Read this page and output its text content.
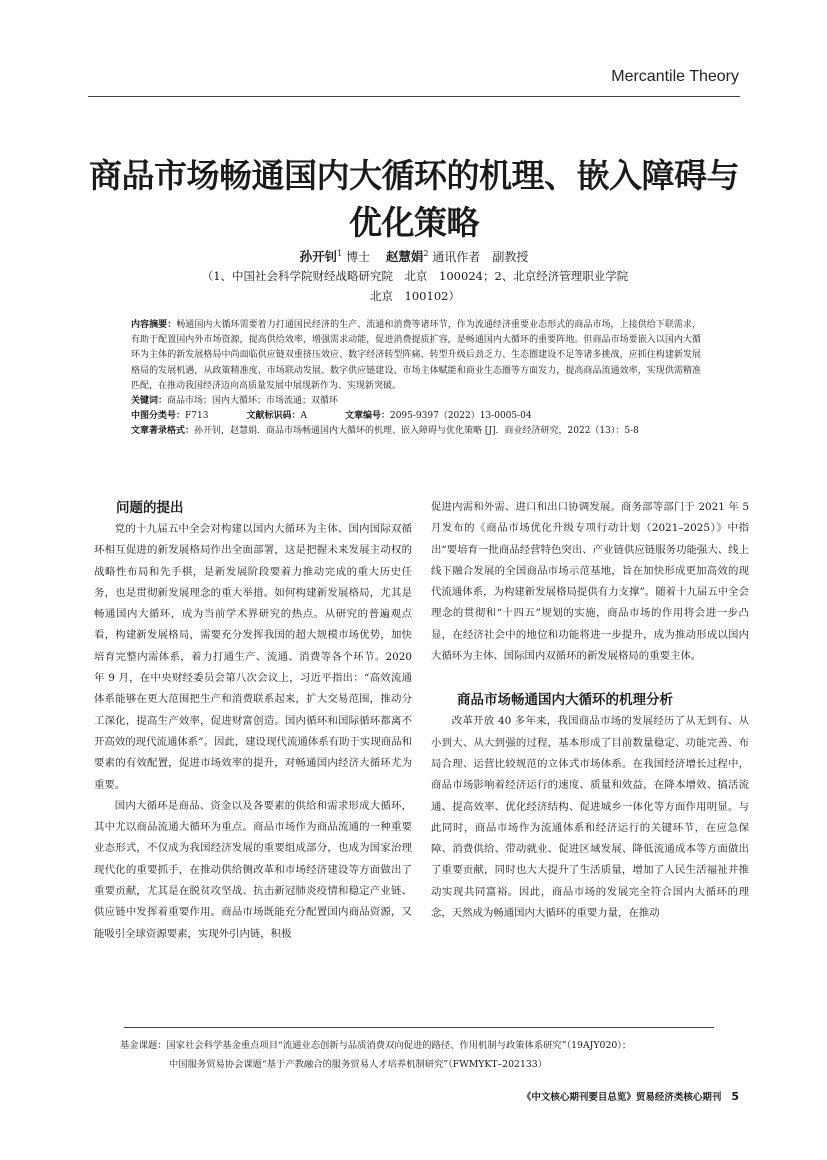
Mercantile Theory
商品市场畅通国内大循环的机理、嵌入障碍与优化策略
孙开钊$^1$ 博士 　 赵慧娟$^2$ 通讯作者　副教授
（1、中国社会科学院财经战略研究院　北京　100024；2、北京经济管理职业学院
北京　100102）
内容摘要：畅通国内大循环需要着力打通国民经济的生产、流通和消费等诸环节，作为流通经济重要业态形式的商品市场，上接供给下联需求，有助于配置国内外市场资源，提高供给效率，增强需求动能，促进消费提质扩容，是畅通国内大循环的重要阵地。但商品市场要嵌入以国内大循环为主体的新发展格局中尚面临供应链双重挤压效应、数字经济转型阵痛、转型升级后劲乏力、生态圈建设不足等诸多挑战，应抓住构建新发展格局的发展机遇，从政策精准度、市场联动发展、数字供应链建设、市场主体赋能和商业生态圈等方面发力，提高商品流通效率，实现供需精准匹配，在推动我国经济迈向高质量发展中展现新作为、实现新突破。
关键词：商品市场；国内大循环；市场流通；双循环
中图分类号：F713	文献标识码：A	文章编号：2095-9397（2022）13-0005-04
文章著录格式：孙开钊，赵慧娟．商品市场畅通国内大循环的机理、嵌入障碍与优化策略 [J]．商业经济研究，2022（13）：5-8
问题的提出

党的十九届五中全会对构建以国内大循环为主体、国内国际双循环相互促进的新发展格局作出全面部署，这是把握未来发展主动权的战略性布局和先手棋，是新发展阶段要着力推动完成的重大历史任务，也是贯彻新发展理念的重大举措。如何构建新发展格局，尤其是畅通国内大循环，成为当前学术界研究的热点。从研究的普遍观点看，构建新发展格局，需要充分发挥我国的超大规模市场优势，加快培育完整内需体系，着力打通生产、流通、消费等各个环节。2020 年 9 月，在中央财经委员会第八次会议上，习近平指出：“高效流通体系能够在更大范围把生产和消费联系起来，扩大交易范围，推动分工深化，提高生产效率，促进财富创造。国内循环和国际循环都离不开高效的现代流通体系”。因此，建设现代流通体系有助于实现商品和要素的有效配置，促进市场效率的提升，对畅通国内经济大循环尤为重要。

国内大循环是商品、资金以及各要素的供给和需求形成大循环，其中尤以商品流通大循环为重点。商品市场作为商品流通的一种重要业态形式，不仅成为我国经济发展的重要组成部分，也成为国家治理现代化的重要抓手，在推动供给侧改革和市场经济建设等方面做出了重要贡献，尤其是在脱贫攻坚战、抗击新冠肺炎疫情和稳定产业链、供应链中发挥着重要作用。商品市场既能充分配置国内商品资源，又能吸引全球资源要素，实现外引内链，积极

促进内需和外需、进口和出口协调发展。商务部等部门于 2021 年 5 月发布的《商品市场优化升级专项行动计划（2021–2025）》中指出“要培育一批商品经营特色突出、产业链供应链服务功能强大、线上线下融合发展的全国商品市场示范基地，旨在加快形成更加高效的现代流通体系，为构建新发展格局提供有力支撑”。随着十九届五中全会理念的贯彻和“十四五”规划的实施，商品市场的作用将会进一步凸显，在经济社会中的地位和功能将进一步提升，成为推动形成以国内大循环为主体、国际国内双循环的新发展格局的重要主体。

商品市场畅通国内大循环的机理分析

改革开放 40 多年来，我国商品市场的发展经历了从无到有、从小到大、从大到强的过程，基本形成了目前数量稳定、功能完善、布局合理、运营比较规范的立体式市场体系。在我国经济增长过程中，商品市场影响着经济运行的速度、质量和效益，在降本增效、搞活流通、提高效率、优化经济结构、促进城乡一体化等方面作用明显。与此同时，商品市场作为流通体系和经济运行的关键环节，在应急保障、消费供给、带动就业、促进区域发展、降低流通成本等方面做出了重要贡献，同时也大大提升了生活质量，增加了人民生活福祉并推动实现共同富裕。因此，商品市场的发展完全符合国内大循环的理念，天然成为畅通国内大循环的重要力量，在推动

基金课题：国家社会科学基金重点项目“流通业态创新与品质消费双向促进的路径、作用机制与政策体系研究”（19AJY020）；
中国服务贸易协会课题“基于产教融合的服务贸易人才培养机制研究”（FWMYKT–202133）
《中文核心期刊要目总览》贸易经济类核心期刊 5
